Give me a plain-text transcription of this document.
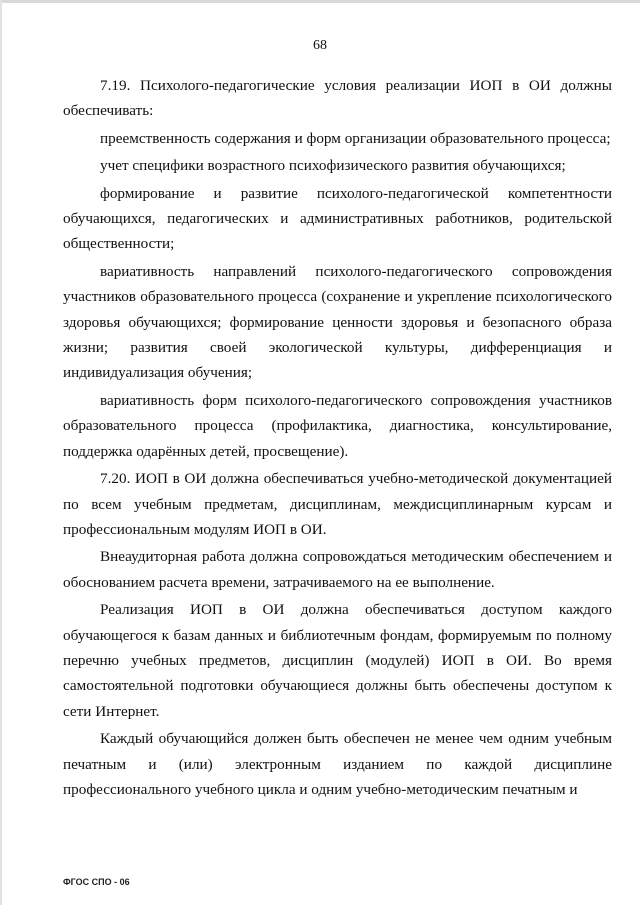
68

7.19. Психолого-педагогические условия реализации ИОП в ОИ должны обеспечивать:

преемственность содержания и форм организации образовательного процесса;

учет специфики возрастного психофизического развития обучающихся;

формирование и развитие психолого-педагогической компетентности обучающихся, педагогических и административных работников, родительской общественности;

вариативность направлений психолого-педагогического сопровождения участников образовательного процесса (сохранение и укрепление психологического здоровья обучающихся; формирование ценности здоровья и безопасного образа жизни; развития своей экологической культуры, дифференциация и индивидуализация обучения;

вариативность форм психолого-педагогического сопровождения участников образовательного процесса (профилактика, диагностика, консультирование, поддержка одарённых детей, просвещение).

7.20. ИОП в ОИ должна обеспечиваться учебно-методической документацией по всем учебным предметам, дисциплинам, междисциплинарным курсам и профессиональным модулям ИОП в ОИ.

Внеаудиторная работа должна сопровождаться методическим обеспечением и обоснованием расчета времени, затрачиваемого на ее выполнение.

Реализация ИОП в ОИ должна обеспечиваться доступом каждого обучающегося к базам данных и библиотечным фондам, формируемым по полному перечню учебных предметов, дисциплин (модулей) ИОП в ОИ. Во время самостоятельной подготовки обучающиеся должны быть обеспечены доступом к сети Интернет.

Каждый обучающийся должен быть обеспечен не менее чем одним учебным печатным и (или) электронным изданием по каждой дисциплине профессионального учебного цикла и одним учебно-методическим печатным и

ФГОС СПО - 06
